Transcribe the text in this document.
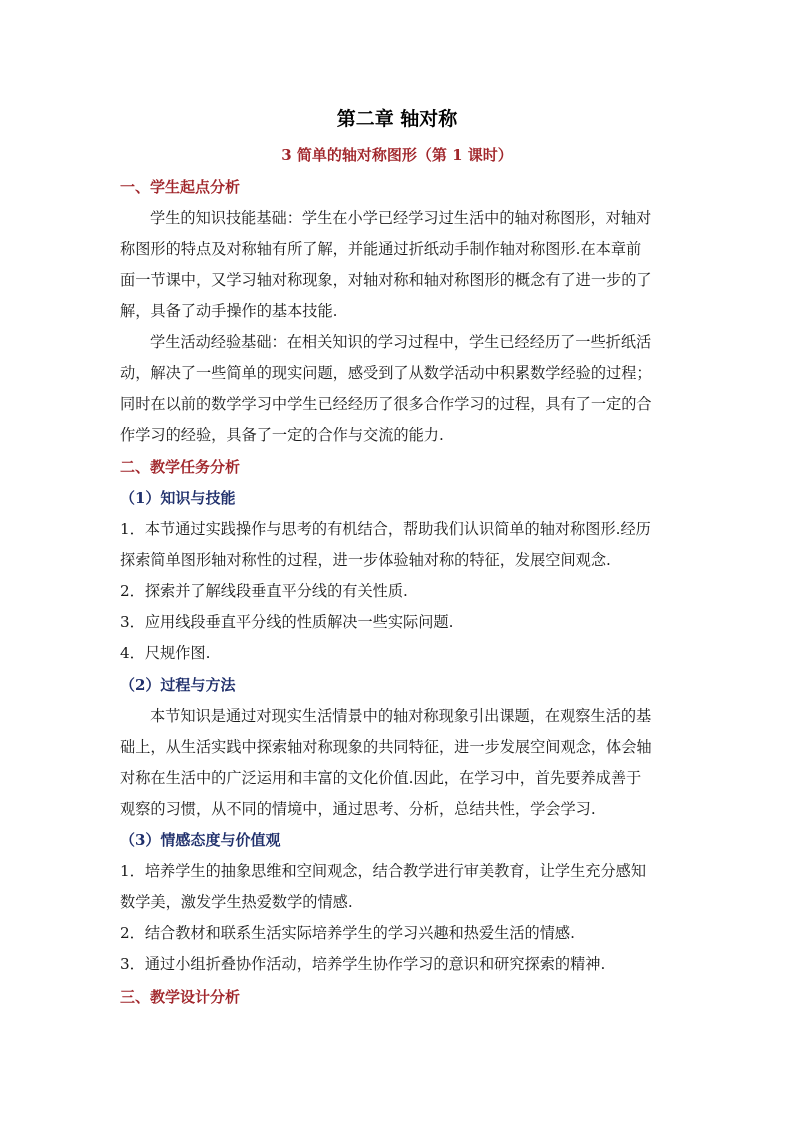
第二章 轴对称
3 简单的轴对称图形（第 1 课时）
一、学生起点分析
学生的知识技能基础：学生在小学已经学习过生活中的轴对称图形，对轴对
称图形的特点及对称轴有所了解，并能通过折纸动手制作轴对称图形.在本章前
面一节课中，又学习轴对称现象，对轴对称和轴对称图形的概念有了进一步的了
解，具备了动手操作的基本技能.
学生活动经验基础：在相关知识的学习过程中，学生已经经历了一些折纸活
动，解决了一些简单的现实问题，感受到了从数学活动中积累数学经验的过程；
同时在以前的数学学习中学生已经经历了很多合作学习的过程，具有了一定的合
作学习的经验，具备了一定的合作与交流的能力.
二、教学任务分析
（1）知识与技能
1．本节通过实践操作与思考的有机结合，帮助我们认识简单的轴对称图形.经历
探索简单图形轴对称性的过程，进一步体验轴对称的特征，发展空间观念.
2．探索并了解线段垂直平分线的有关性质.
3．应用线段垂直平分线的性质解决一些实际问题.
4．尺规作图.
（2）过程与方法
本节知识是通过对现实生活情景中的轴对称现象引出课题，在观察生活的基
础上，从生活实践中探索轴对称现象的共同特征，进一步发展空间观念，体会轴
对称在生活中的广泛运用和丰富的文化价值.因此，在学习中，首先要养成善于
观察的习惯，从不同的情境中，通过思考、分析，总结共性，学会学习.
（3）情感态度与价值观
1．培养学生的抽象思维和空间观念，结合教学进行审美教育，让学生充分感知
数学美，激发学生热爱数学的情感.
2．结合教材和联系生活实际培养学生的学习兴趣和热爱生活的情感.
3．通过小组折叠协作活动，培养学生协作学习的意识和研究探索的精神.
三、教学设计分析
